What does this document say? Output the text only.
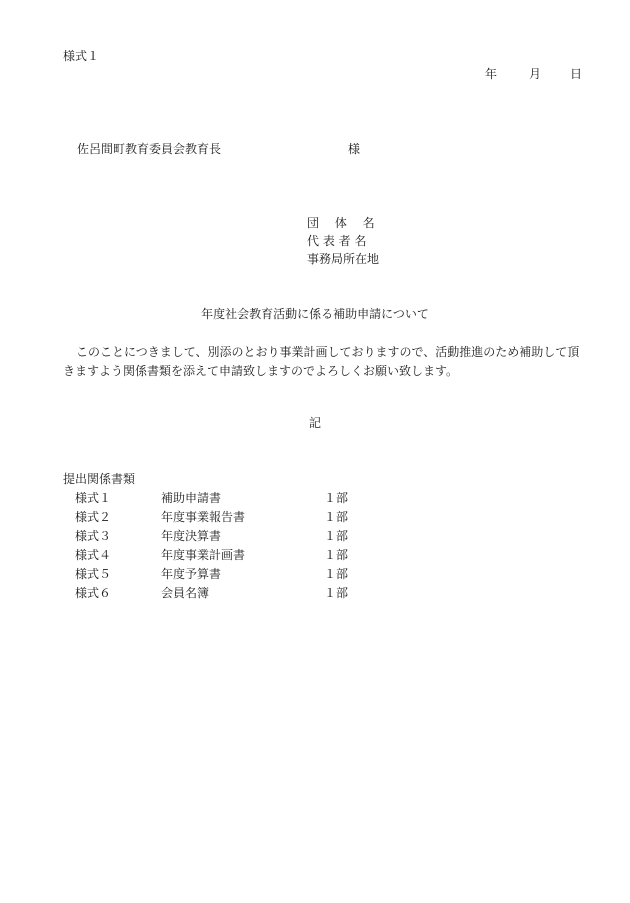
様式１
年	月	日
佐呂間町教育委員会教育長	様
団　 体 　名
代 表 者 名
事務局所在地
年度社会教育活動に係る補助申請について
このことにつきまして、別添のとおり事業計画しておりますので、活動推進のため補助して頂きますよう関係書類を添えて申請致しますのでよろしくお願い致します。
記
提出関係書類
様式１	補助申請書	１部
様式２	年度事業報告書	１部
様式３	年度決算書	１部
様式４	年度事業計画書	１部
様式５	年度予算書	１部
様式６	会員名簿	１部
